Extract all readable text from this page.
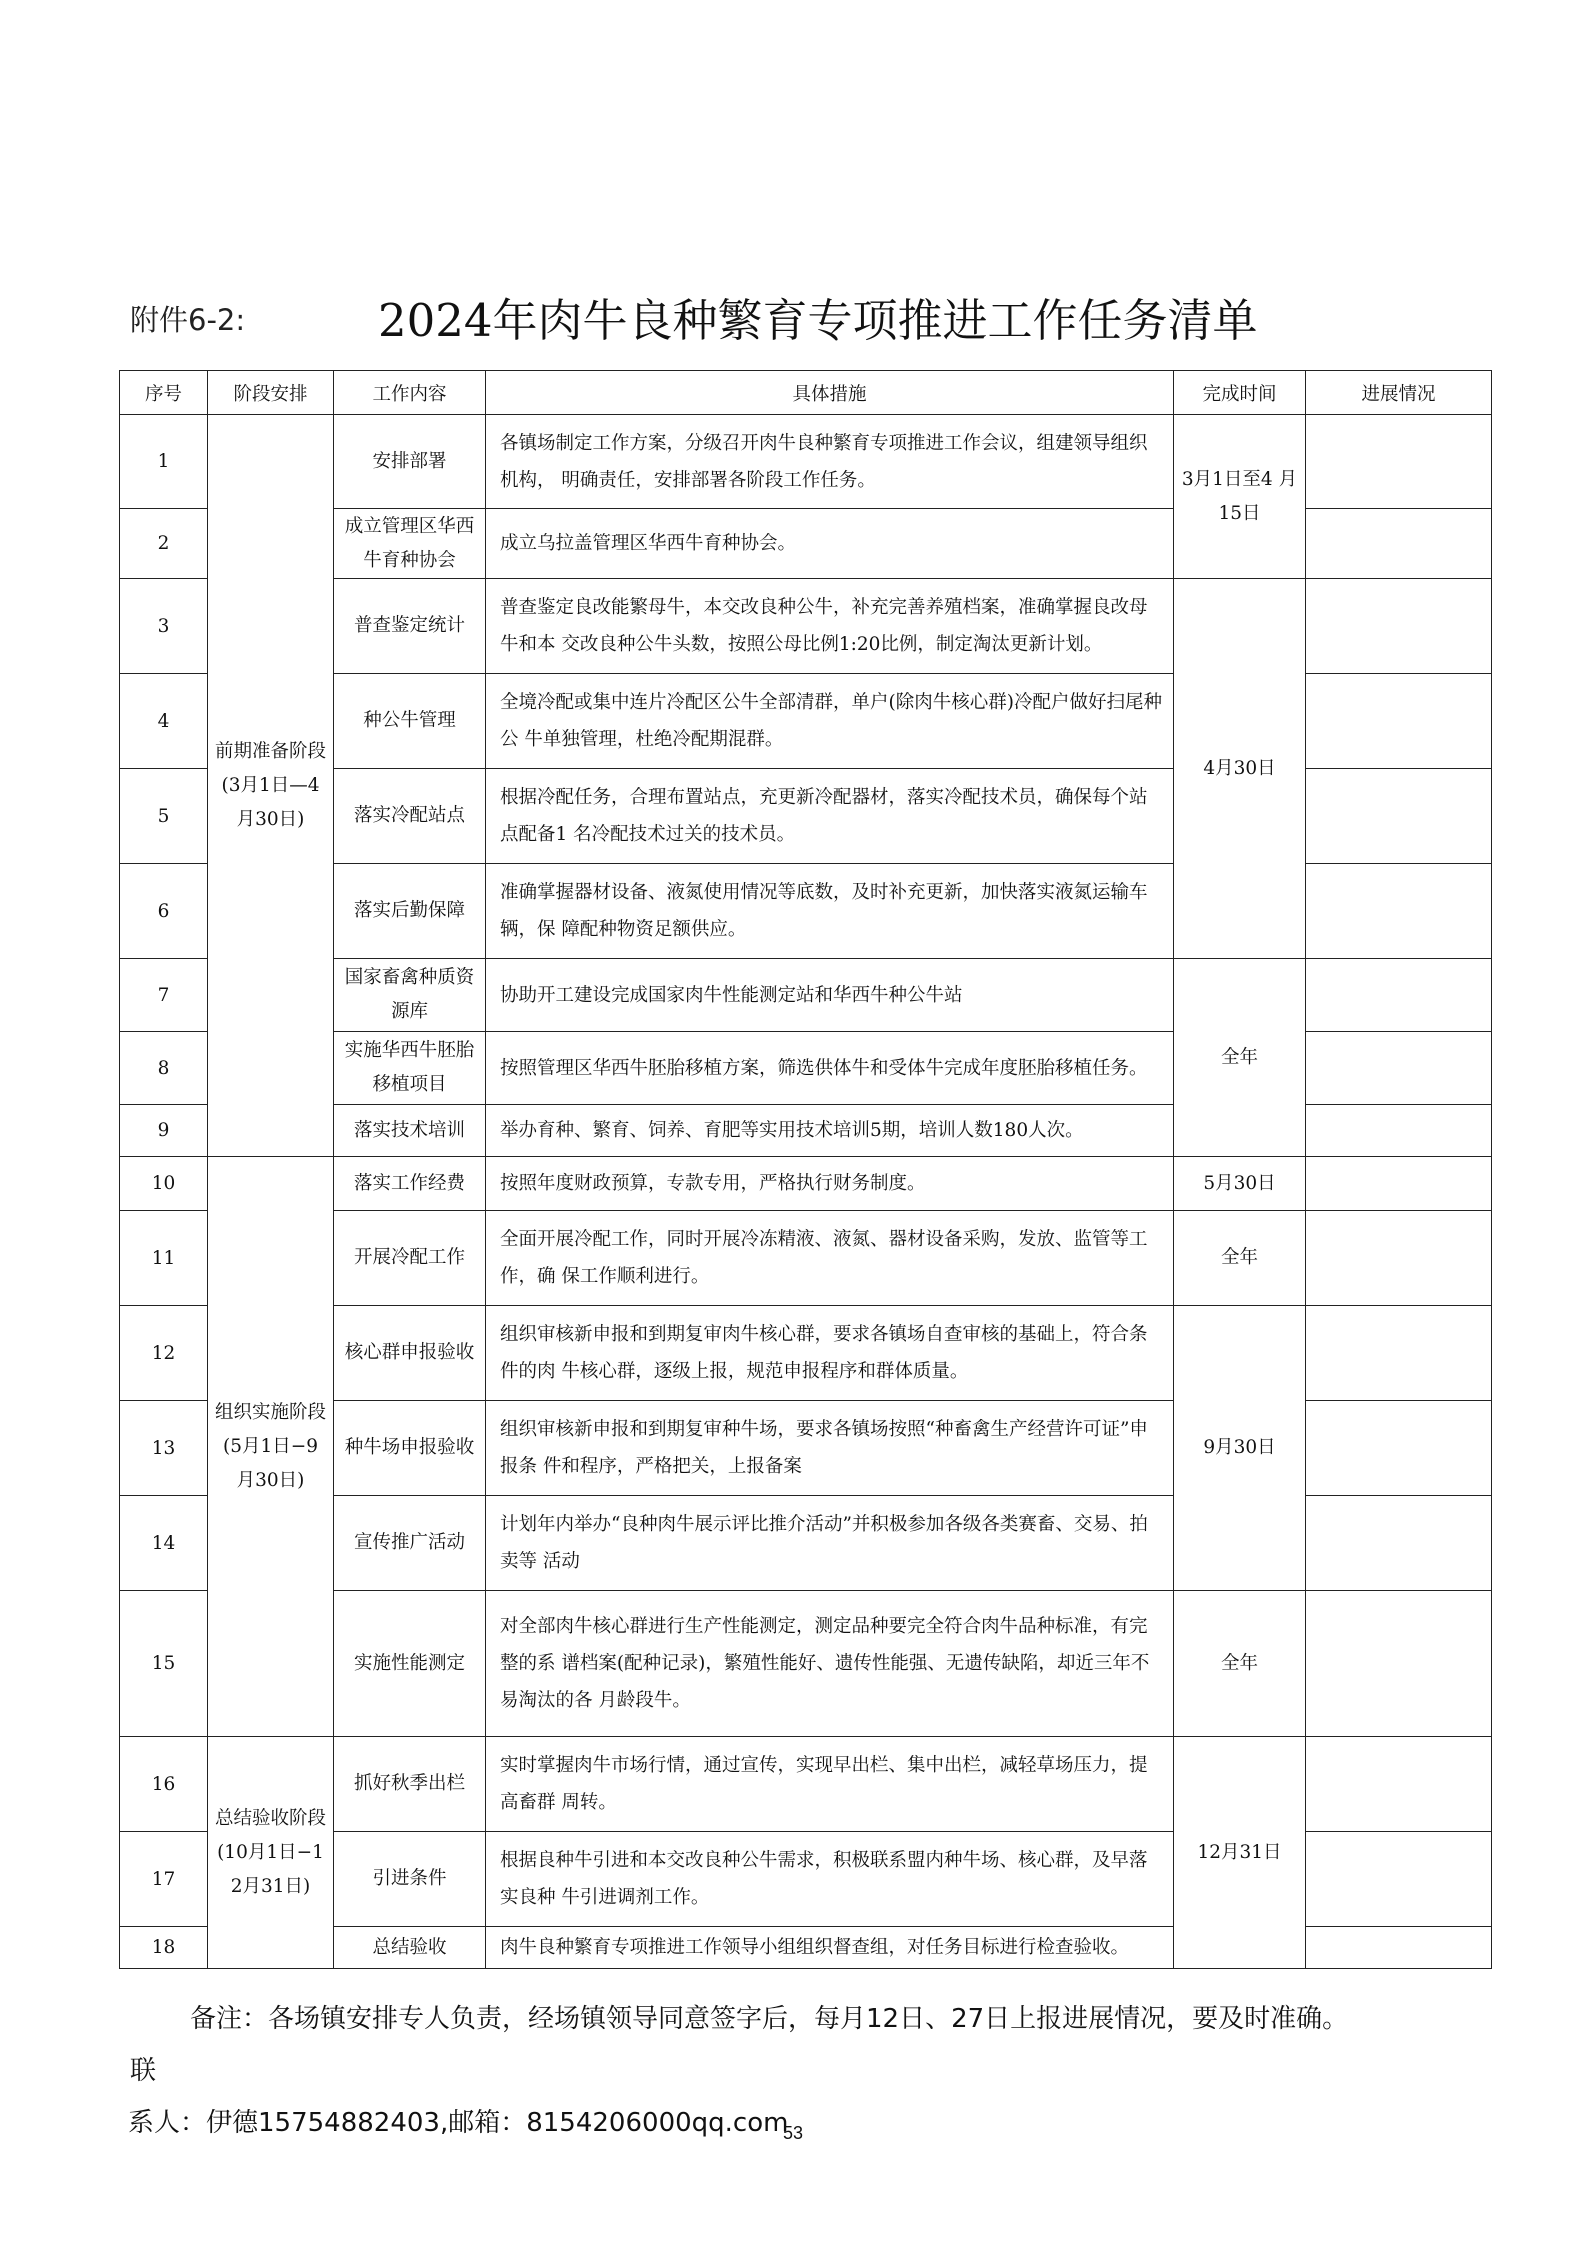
附件6-2:	2024年肉牛良种繁育专项推进工作任务清单
序号	阶段安排	工作内容	具体措施	完成时间	进展情况
1	前期准备阶段(3月1日—4月30日)	安排部署	各镇场制定工作方案，分级召开肉牛良种繁育专项推进工作会议，组建领导组织机构， 明确责任，安排部署各阶段工作任务。	3月1日至4 月15日	
2		成立管理区华西牛育种协会	成立乌拉盖管理区华西牛育种协会。		
3		普查鉴定统计	普查鉴定良改能繁母牛，本交改良种公牛，补充完善养殖档案，准确掌握良改母牛和本 交改良种公牛头数，按照公母比例1:20比例，制定淘汰更新计划。	4月30日	
4		种公牛管理	全境冷配或集中连片冷配区公牛全部清群，单户(除肉牛核心群)冷配户做好扫尾种公 牛单独管理，杜绝冷配期混群。		
5		落实冷配站点	根据冷配任务，合理布置站点，充更新冷配器材，落实冷配技术员，确保每个站点配备1 名冷配技术过关的技术员。		
6		落实后勤保障	准确掌握器材设备、液氮使用情况等底数，及时补充更新，加快落实液氮运输车辆，保 障配种物资足额供应。		
7		国家畜禽种质资 源库	协助开工建设完成国家肉牛性能测定站和华西牛种公牛站	全年	
8		实施华西牛胚胎移植项目	按照管理区华西牛胚胎移植方案，筛选供体牛和受体牛完成年度胚胎移植任务。		
9		落实技术培训	举办育种、繁育、饲养、育肥等实用技术培训5期，培训人数180人次。		
10	组织实施阶段(5月1日−9月30日)	落实工作经费	按照年度财政预算，专款专用，严格执行财务制度。	5月30日	
11		开展冷配工作	全面开展冷配工作，同时开展冷冻精液、液氮、器材设备采购，发放、监管等工作，确 保工作顺利进行。	全年	
12		核心群申报验收	组织审核新申报和到期复审肉牛核心群，要求各镇场自查审核的基础上，符合条件的肉 牛核心群，逐级上报，规范申报程序和群体质量。	9月30日	
13		种牛场申报验收	组织审核新申报和到期复审种牛场，要求各镇场按照“种畜禽生产经营许可证”申报条 件和程序，严格把关，上报备案		
14		宣传推广活动	计划年内举办“良种肉牛展示评比推介活动”并积极参加各级各类赛畜、交易、拍卖等 活动		
15		实施性能测定	对全部肉牛核心群进行生产性能测定，测定品种要完全符合肉牛品种标准，有完整的系 谱档案(配种记录)，繁殖性能好、遗传性能强、无遗传缺陷，却近三年不易淘汰的各 月龄段牛。	全年	
16	总结验收阶段(10月1日−12月31日)	抓好秋季出栏	实时掌握肉牛市场行情，通过宣传，实现早出栏、集中出栏，减轻草场压力，提高畜群 周转。	12月31日	
17		引进条件	根据良种牛引进和本交改良种公牛需求，积极联系盟内种牛场、核心群，及早落实良种 牛引进调剂工作。		
18		总结验收	肉牛良种繁育专项推进工作领导小组组织督查组，对任务目标进行检查验收。		
备注：各场镇安排专人负责，经场镇领导同意签字后，每月12日、27日上报进展情况，要及时准确。 联
系人：伊德15754882403,邮箱：8154206000qq.com
53
